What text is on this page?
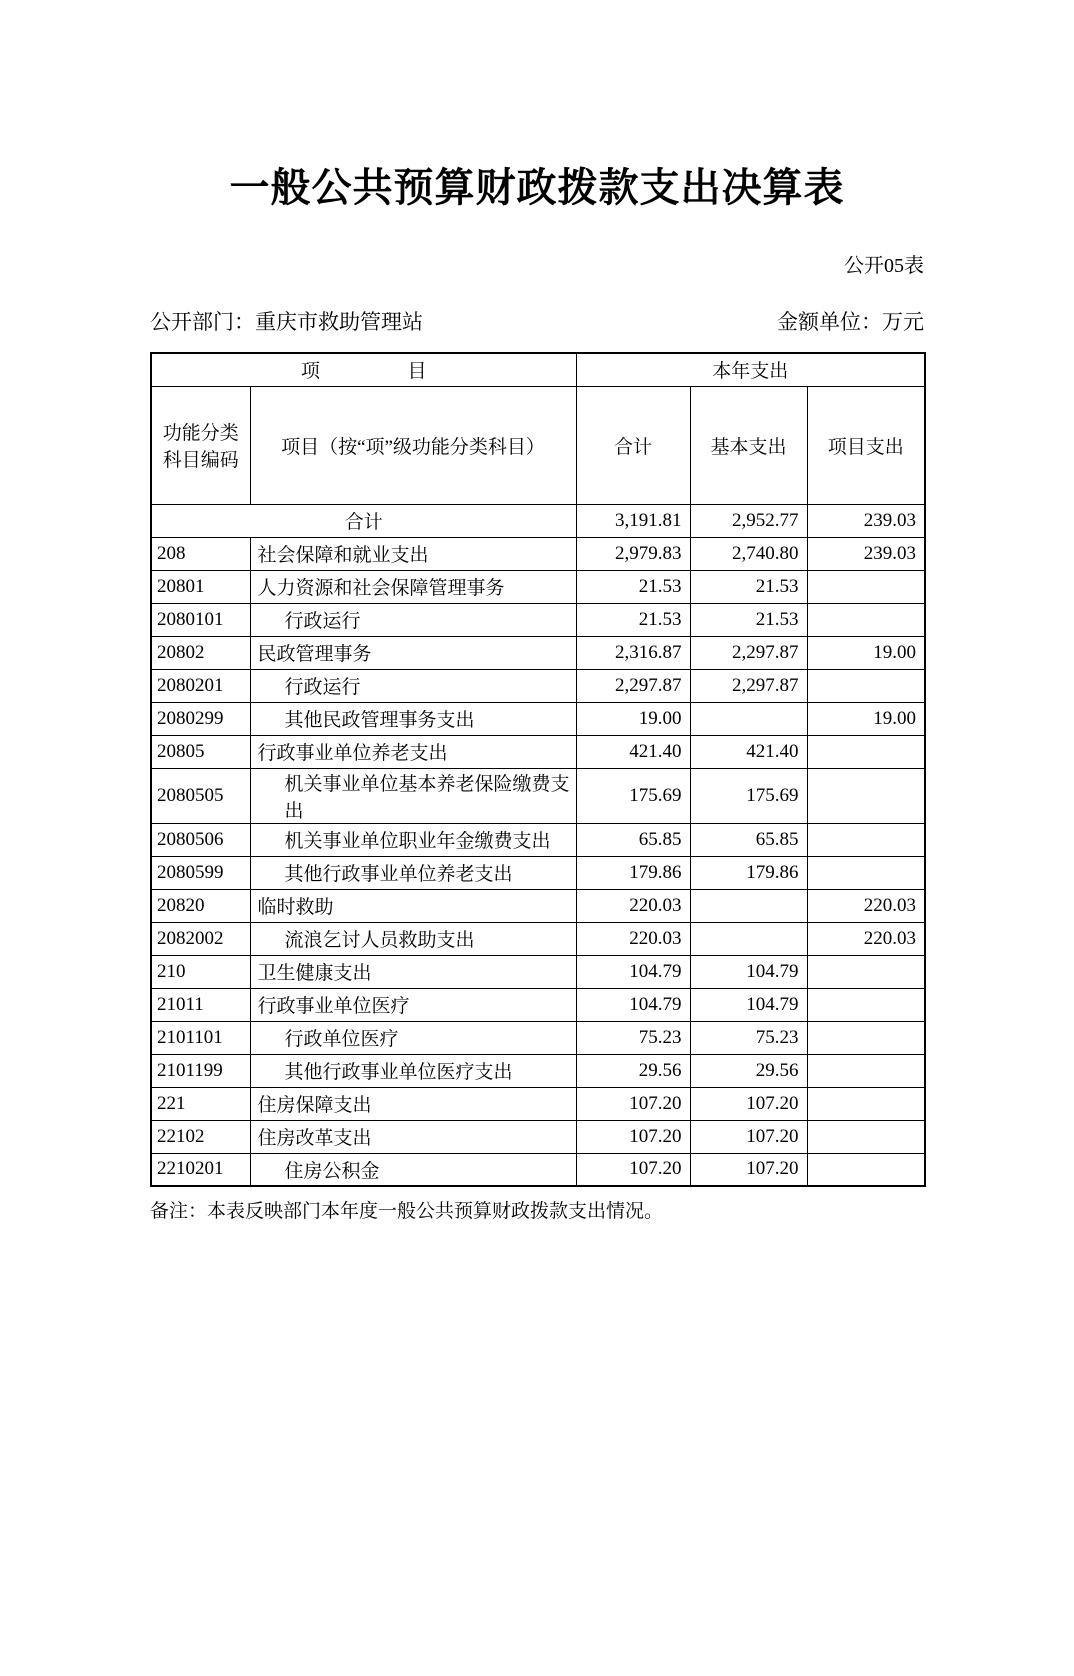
一般公共预算财政拨款支出决算表
公开05表
公开部门：重庆市救助管理站	金额单位：万元
项目		本年支出		
功能分类科目编码	项目（按“项”级功能分类科目）	合计	基本支出	项目支出
合计		3,191.81	2,952.77	239.03
208	社会保障和就业支出	2,979.83	2,740.80	239.03
20801	人力资源和社会保障管理事务	21.53	21.53	
2080101	行政运行	21.53	21.53	
20802	民政管理事务	2,316.87	2,297.87	19.00
2080201	行政运行	2,297.87	2,297.87	
2080299	其他民政管理事务支出	19.00		19.00
20805	行政事业单位养老支出	421.40	421.40	
2080505	机关事业单位基本养老保险缴费支出	175.69	175.69	
2080506	机关事业单位职业年金缴费支出	65.85	65.85	
2080599	其他行政事业单位养老支出	179.86	179.86	
20820	临时救助	220.03		220.03
2082002	流浪乞讨人员救助支出	220.03		220.03
210	卫生健康支出	104.79	104.79	
21011	行政事业单位医疗	104.79	104.79	
2101101	行政单位医疗	75.23	75.23	
2101199	其他行政事业单位医疗支出	29.56	29.56	
221	住房保障支出	107.20	107.20	
22102	住房改革支出	107.20	107.20	
2210201	住房公积金	107.20	107.20	

备注：本表反映部门本年度一般公共预算财政拨款支出情况。
